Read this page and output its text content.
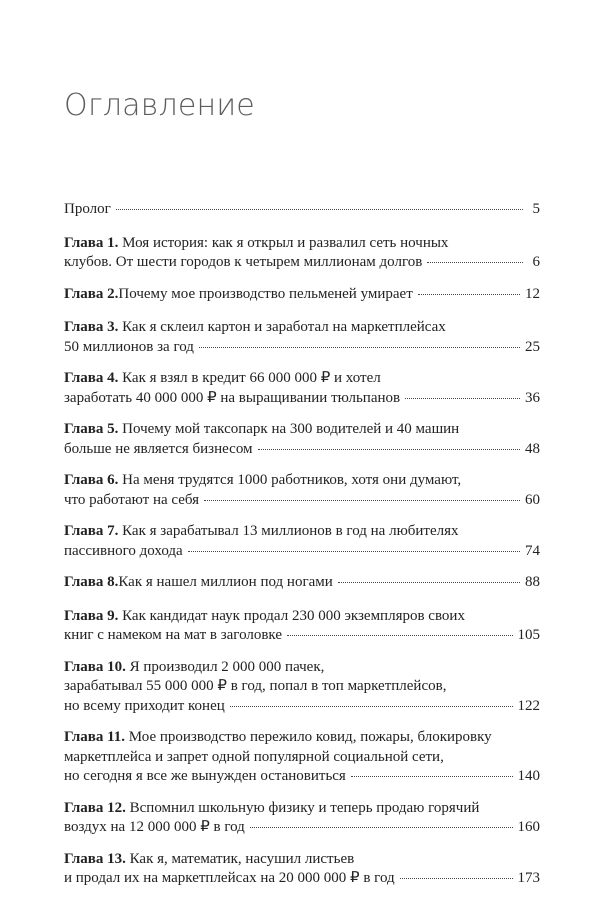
Оглавление
Пролог	5
Глава 1. Моя история: как я открыл и развалил сеть ночных
клубов. От шести городов к четырем миллионам долгов	6
Глава 2. Почему мое производство пельменей умирает	12
Глава 3. Как я склеил картон и заработал на маркетплейсах
50 миллионов за год	25
Глава 4. Как я взял в кредит 66 000 000 ₽ и хотел
заработать 40 000 000 ₽ на выращивании тюльпанов	36
Глава 5. Почему мой таксопарк на 300 водителей и 40 машин
больше не является бизнесом	48
Глава 6. На меня трудятся 1000 работников, хотя они думают,
что работают на себя	60
Глава 7. Как я зарабатывал 13 миллионов в год на любителях
пассивного дохода	74
Глава 8. Как я нашел миллион под ногами	88
Глава 9. Как кандидат наук продал 230 000 экземпляров своих
книг с намеком на мат в заголовке	105
Глава 10. Я производил 2 000 000 пачек,
зарабатывал 55 000 000 ₽ в год, попал в топ маркетплейсов,
но всему приходит конец	122
Глава 11. Мое производство пережило ковид, пожары, блокировку
маркетплейса и запрет одной популярной социальной сети,
но сегодня я все же вынужден остановиться	140
Глава 12. Вспомнил школьную физику и теперь продаю горячий
воздух на 12 000 000 ₽ в год	160
Глава 13. Как я, математик, насушил листьев
и продал их на маркетплейсах на 20 000 000 ₽ в год	173
